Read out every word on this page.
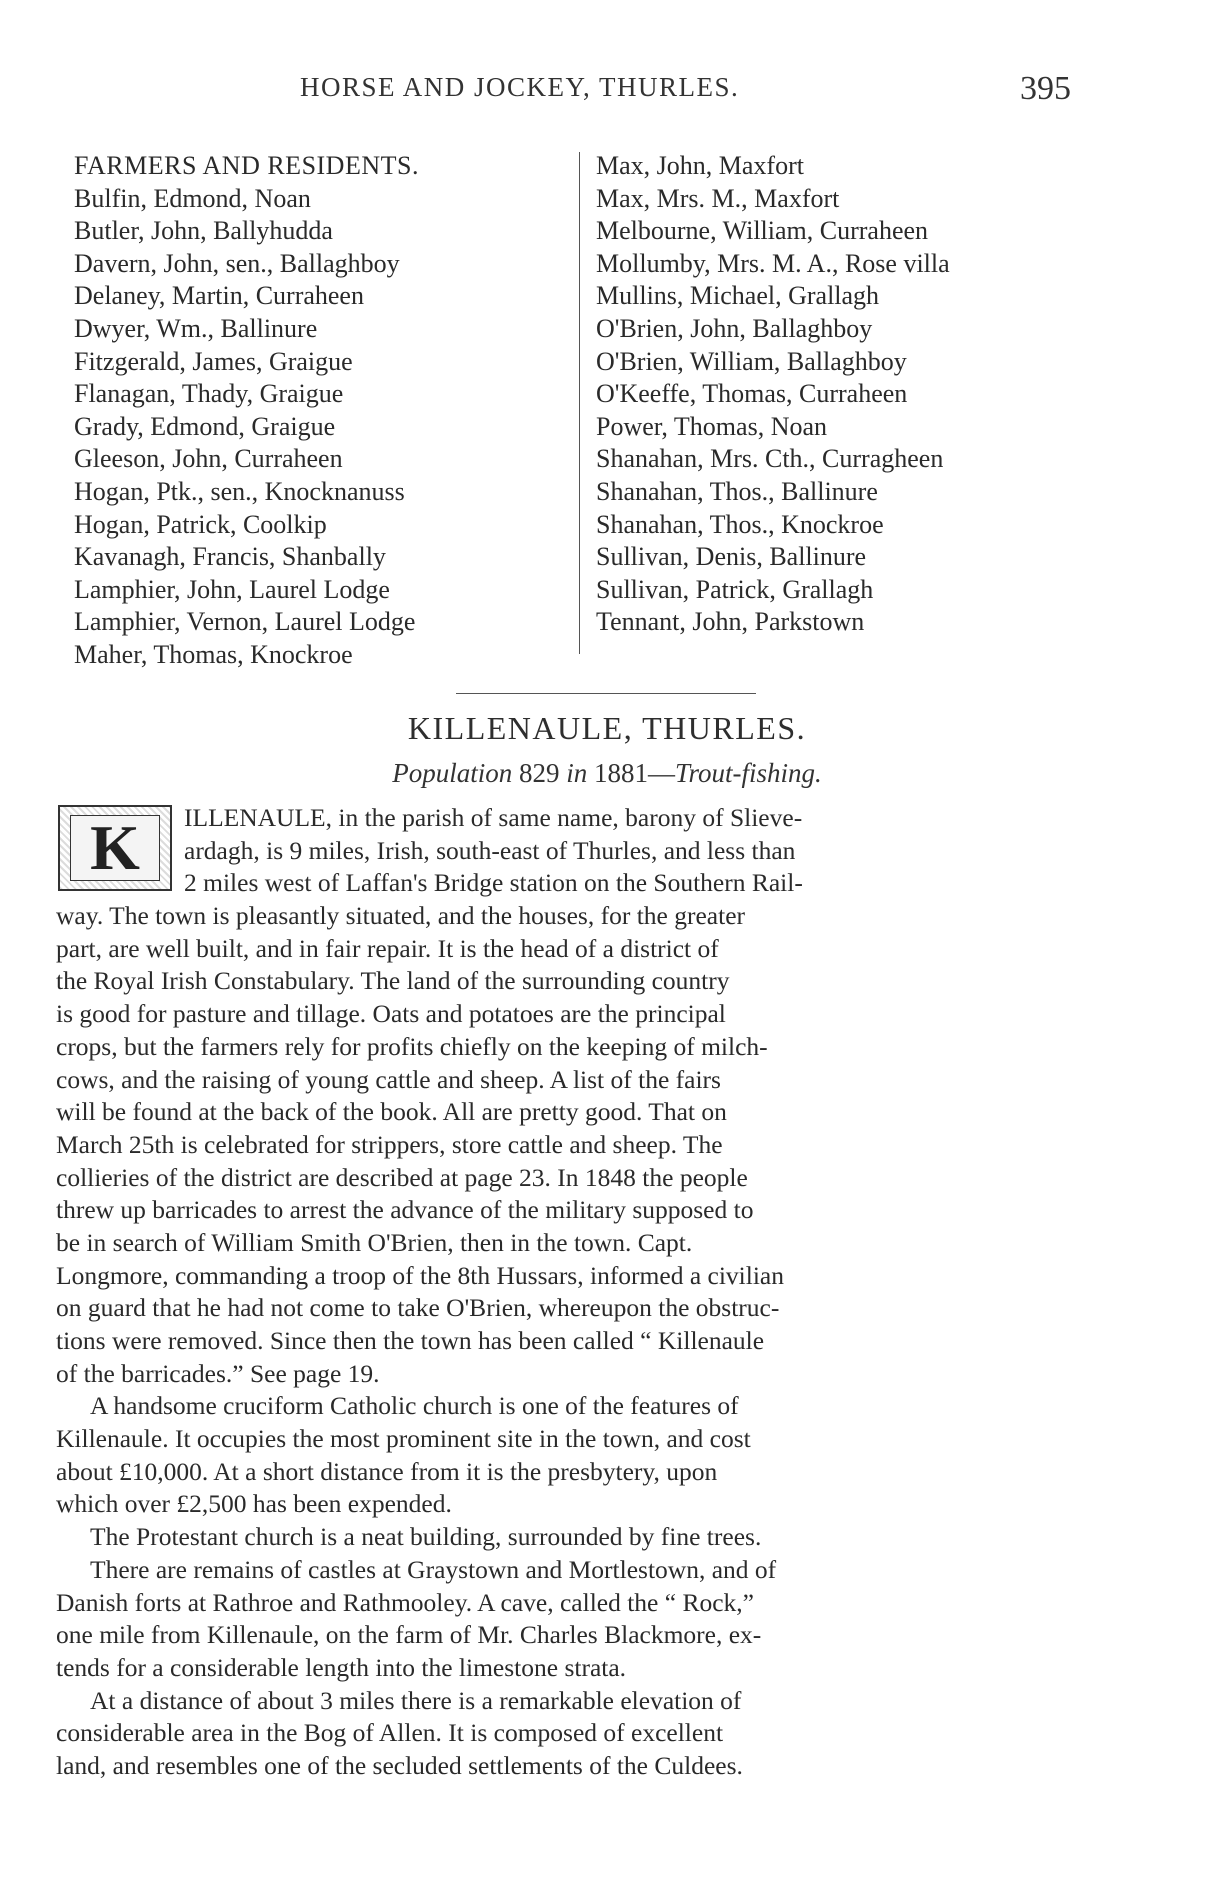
HORSE AND JOCKEY, THURLES.	395
FARMERS AND RESIDENTS.
Bulfin, Edmond, Noan
Butler, John, Ballyhudda
Davern, John, sen., Ballaghboy
Delaney, Martin, Curraheen
Dwyer, Wm., Ballinure
Fitzgerald, James, Graigue
Flanagan, Thady, Graigue
Grady, Edmond, Graigue
Gleeson, John, Curraheen
Hogan, Ptk., sen., Knocknanuss
Hogan, Patrick, Coolkip
Kavanagh, Francis, Shanbally
Lamphier, John, Laurel Lodge
Lamphier, Vernon, Laurel Lodge
Maher, Thomas, Knockroe
Max, John, Maxfort
Max, Mrs. M., Maxfort
Melbourne, William, Curraheen
Mollumby, Mrs. M. A., Rose villa
Mullins, Michael, Grallagh
O'Brien, John, Ballaghboy
O'Brien, William, Ballaghboy
O'Keeffe, Thomas, Curraheen
Power, Thomas, Noan
Shanahan, Mrs. Cth., Curragheen
Shanahan, Thos., Ballinure
Shanahan, Thos., Knockroe
Sullivan, Denis, Ballinure
Sullivan, Patrick, Grallagh
Tennant, John, Parkstown
KILLENAULE, THURLES.
Population 829 in 1881—Trout-fishing.
K	ILLENAULE, in the parish of same name, barony of Slieve-
ardagh, is 9 miles, Irish, south-east of Thurles, and less than
2 miles west of Laffan's Bridge station on the Southern Rail-
way. The town is pleasantly situated, and the houses, for the greater
part, are well built, and in fair repair. It is the head of a district of
the Royal Irish Constabulary. The land of the surrounding country
is good for pasture and tillage. Oats and potatoes are the principal
crops, but the farmers rely for profits chiefly on the keeping of milch-
cows, and the raising of young cattle and sheep. A list of the fairs
will be found at the back of the book. All are pretty good. That on
March 25th is celebrated for strippers, store cattle and sheep. The
collieries of the district are described at page 23. In 1848 the people
threw up barricades to arrest the advance of the military supposed to
be in search of William Smith O'Brien, then in the town. Capt.
Longmore, commanding a troop of the 8th Hussars, informed a civilian
on guard that he had not come to take O'Brien, whereupon the obstruc-
tions were removed. Since then the town has been called “ Killenaule
of the barricades.” See page 19.
A handsome cruciform Catholic church is one of the features of
Killenaule. It occupies the most prominent site in the town, and cost
about £10,000. At a short distance from it is the presbytery, upon
which over £2,500 has been expended.
The Protestant church is a neat building, surrounded by fine trees.
There are remains of castles at Graystown and Mortlestown, and of
Danish forts at Rathroe and Rathmooley. A cave, called the “ Rock,”
one mile from Killenaule, on the farm of Mr. Charles Blackmore, ex-
tends for a considerable length into the limestone strata.
At a distance of about 3 miles there is a remarkable elevation of
considerable area in the Bog of Allen. It is composed of excellent
land, and resembles one of the secluded settlements of the Culdees.
